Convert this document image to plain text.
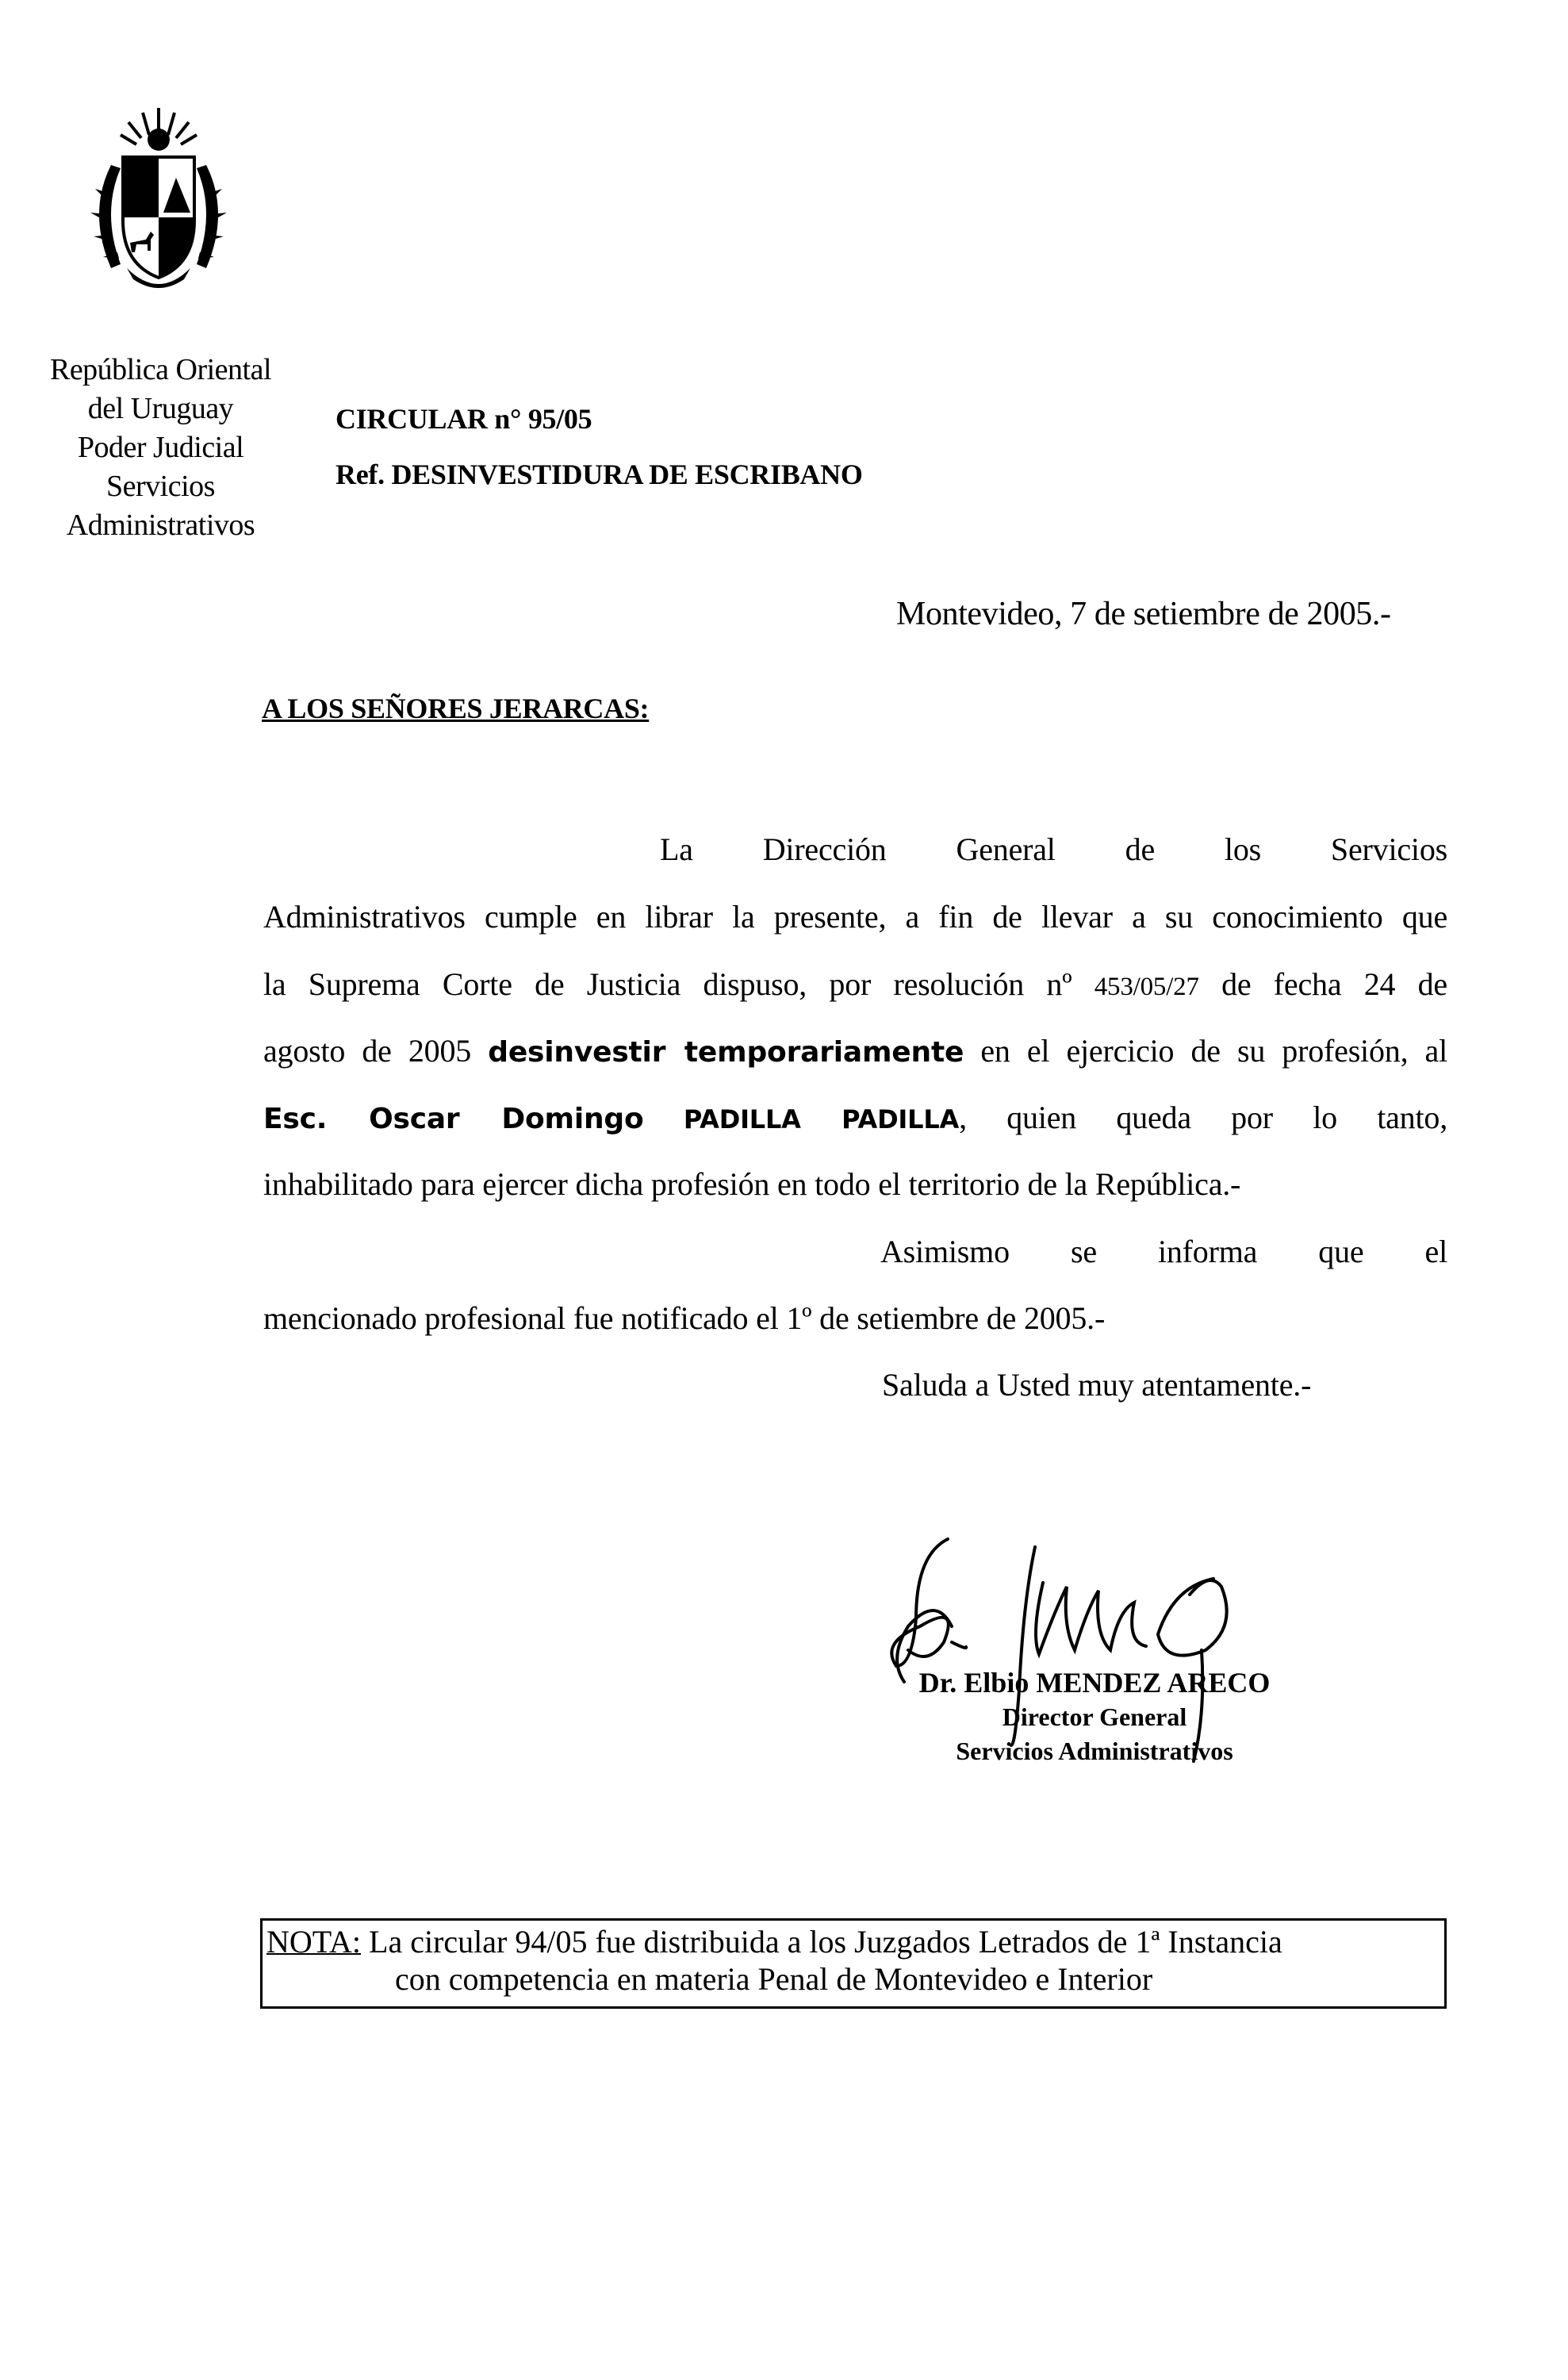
República Oriental
del Uruguay
Poder Judicial
Servicios
Administrativos
CIRCULAR n° 95/05
Ref. DESINVESTIDURA DE ESCRIBANO
Montevideo, 7 de setiembre de 2005.-
A LOS SEÑORES JERARCAS:
La Dirección General de los Servicios
Administrativos cumple en librar la presente, a fin de llevar a su conocimiento que
la Suprema Corte de Justicia dispuso, por resolución nº 453/05/27 de fecha 24 de
agosto de 2005 desinvestir temporariamente en el ejercicio de su profesión, al
Esc. Oscar Domingo PADILLA PADILLA, quien queda por lo tanto,
inhabilitado para ejercer dicha profesión en todo el territorio de la República.-
Asimismo se informa que el
mencionado profesional fue notificado el 1º de setiembre de 2005.-
Saluda a Usted muy atentamente.-
Dr. Elbio MENDEZ ARECO
Director General
Servicios Administrativos
NOTA: La circular 94/05 fue distribuida a los Juzgados Letrados de 1ª Instancia
con competencia en materia Penal de Montevideo e Interior
